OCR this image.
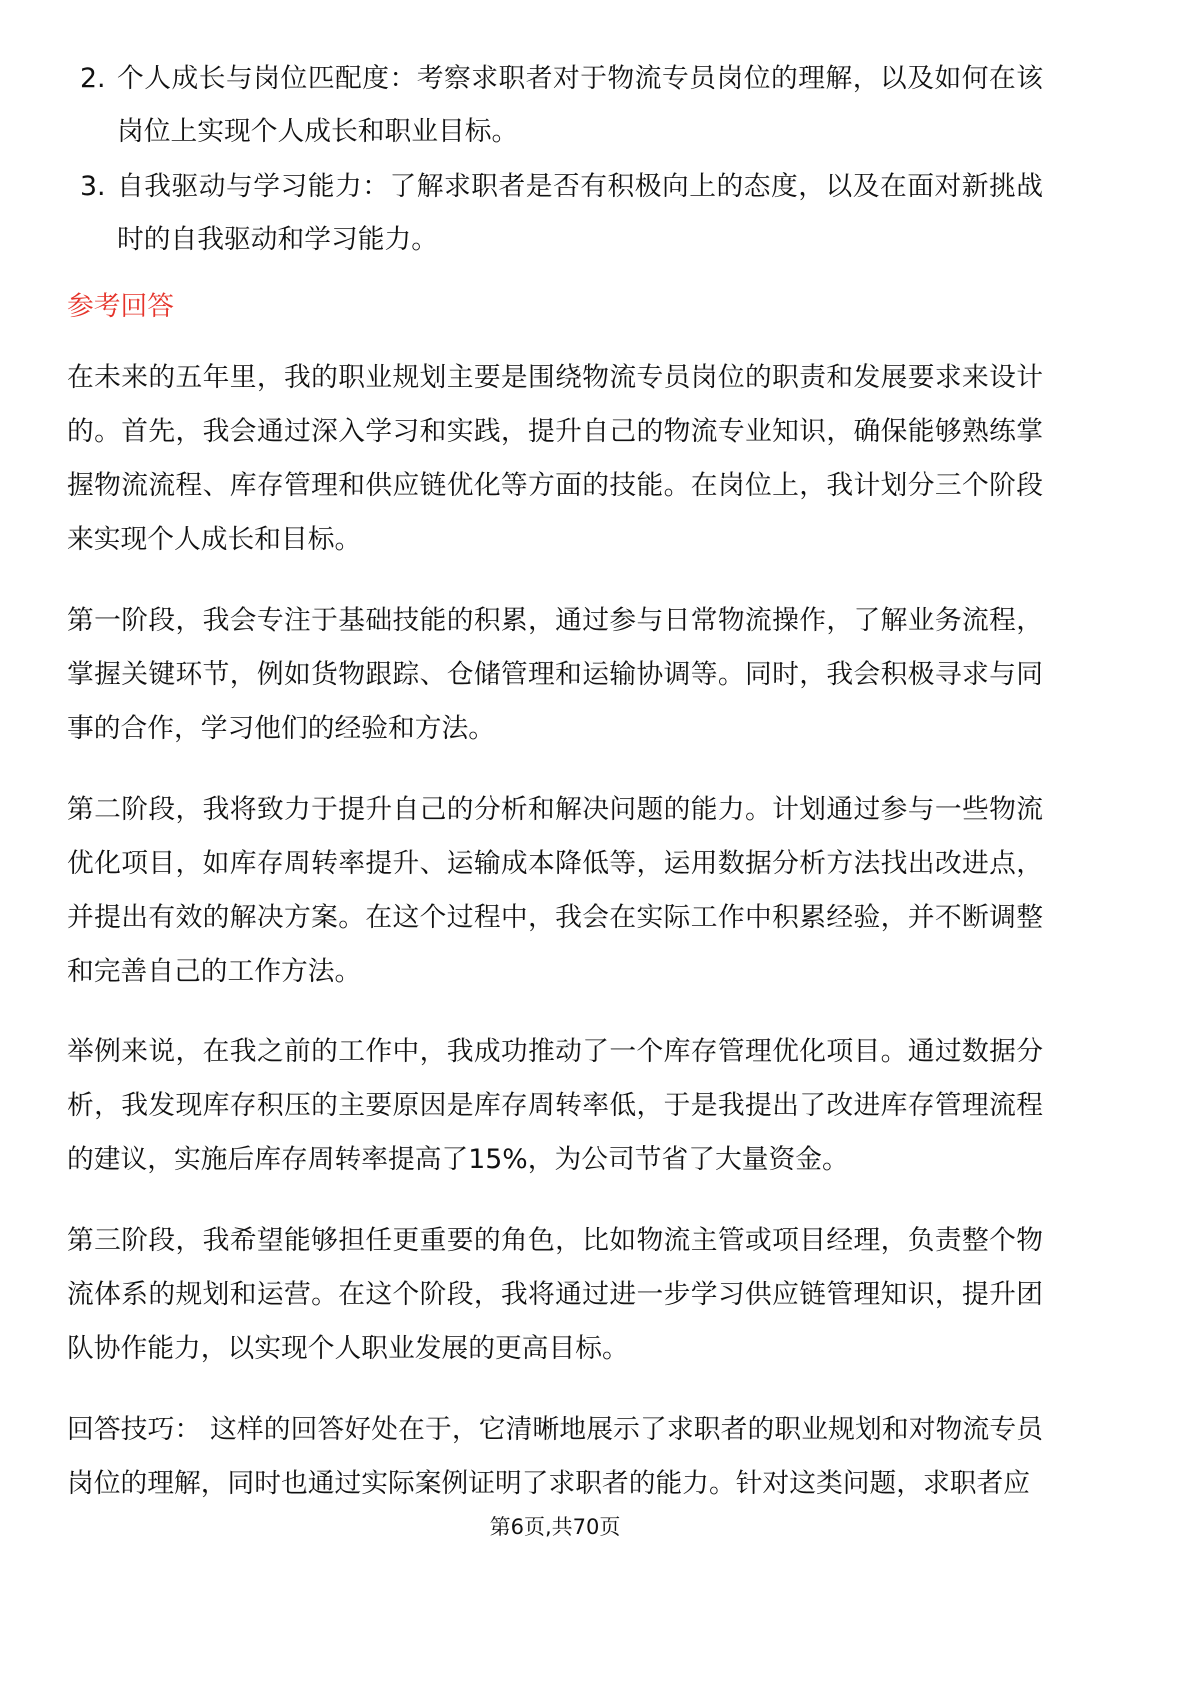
2. 个人成长与岗位匹配度：考察求职者对于物流专员岗位的理解，以及如何在该岗位上实现个人成长和职业目标。
3. 自我驱动与学习能力：了解求职者是否有积极向上的态度，以及在面对新挑战时的自我驱动和学习能力。
参考回答

在未来的五年里，我的职业规划主要是围绕物流专员岗位的职责和发展要求来设计的。首先，我会通过深入学习和实践，提升自己的物流专业知识，确保能够熟练掌握物流流程、库存管理和供应链优化等方面的技能。在岗位上，我计划分三个阶段来实现个人成长和目标。

第一阶段，我会专注于基础技能的积累，通过参与日常物流操作，了解业务流程，掌握关键环节，例如货物跟踪、仓储管理和运输协调等。同时，我会积极寻求与同事的合作，学习他们的经验和方法。

第二阶段，我将致力于提升自己的分析和解决问题的能力。计划通过参与一些物流优化项目，如库存周转率提升、运输成本降低等，运用数据分析方法找出改进点，并提出有效的解决方案。在这个过程中，我会在实际工作中积累经验，并不断调整和完善自己的工作方法。

举例来说，在我之前的工作中，我成功推动了一个库存管理优化项目。通过数据分析，我发现库存积压的主要原因是库存周转率低，于是我提出了改进库存管理流程的建议，实施后库存周转率提高了15%，为公司节省了大量资金。

第三阶段，我希望能够担任更重要的角色，比如物流主管或项目经理，负责整个物流体系的规划和运营。在这个阶段，我将通过进一步学习供应链管理知识，提升团队协作能力，以实现个人职业发展的更高目标。

回答技巧： 这样的回答好处在于，它清晰地展示了求职者的职业规划和对物流专员岗位的理解，同时也通过实际案例证明了求职者的能力。针对这类问题，求职者应

第6页,共70页
